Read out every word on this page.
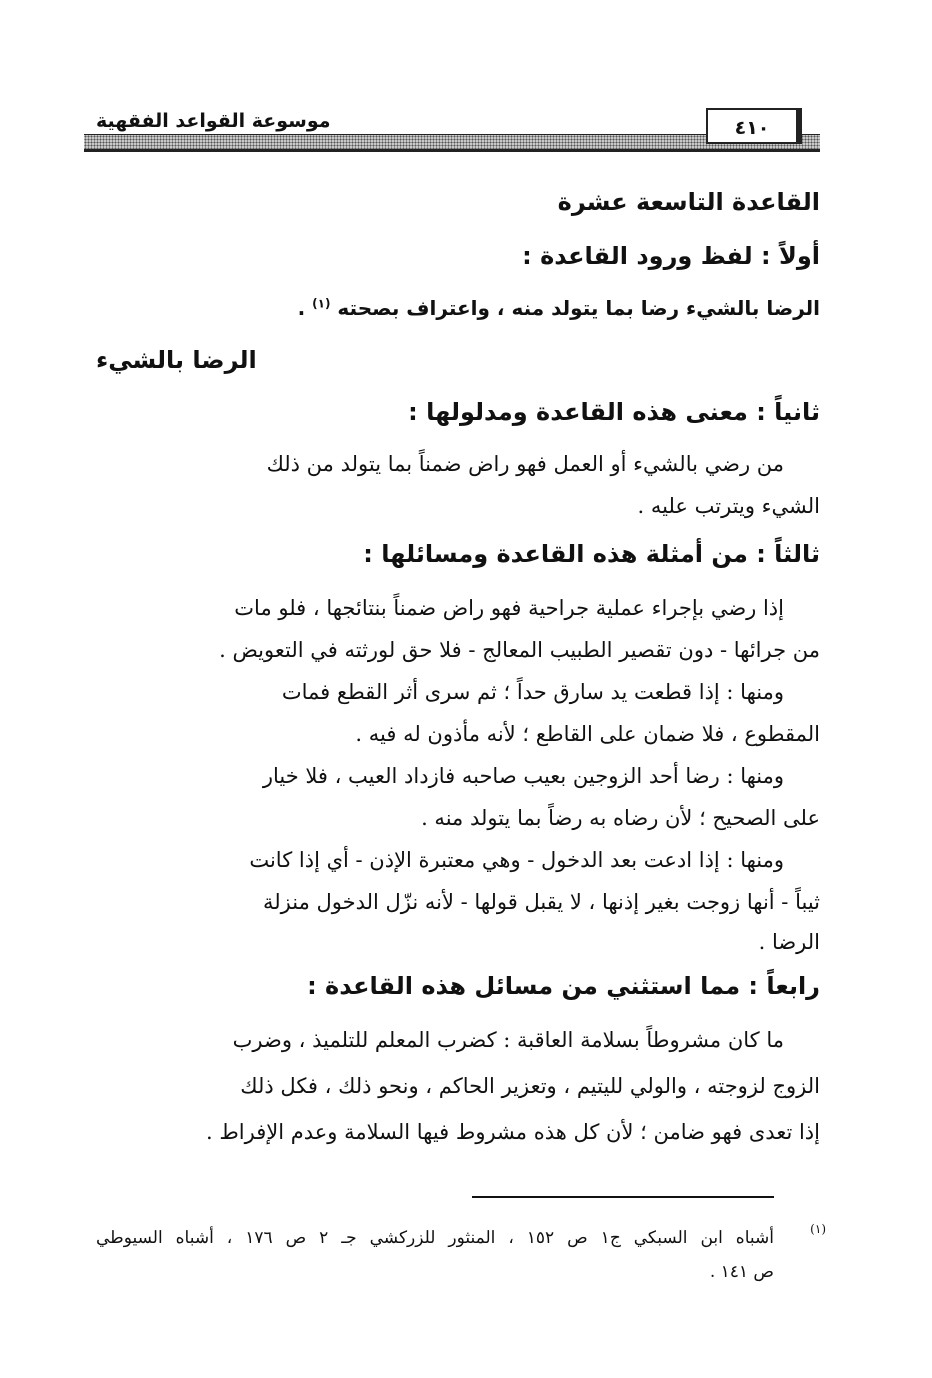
٤١٠
موسوعة القواعد الفقهية
القاعدة التاسعة عشرة
أولاً : لفظ ورود القاعدة :
الرضا بالشيء رضا بما يتولد منه ، واعتراف بصحته $^{(١)}$ .
الرضا بالشيء
ثانياً : معنى هذه القاعدة ومدلولها :
من رضي بالشيء أو العمل فهو راض ضمناً بما يتولد من ذلك
الشيء ويترتب عليه .
ثالثاً : من أمثلة هذه القاعدة ومسائلها :
إذا رضي بإجراء عملية جراحية فهو راض ضمناً بنتائجها ، فلو مات
من جرائها - دون تقصير الطبيب المعالج - فلا حق لورثته في التعويض .
ومنها : إذا قطعت يد سارق حداً ؛ ثم سرى أثر القطع فمات
المقطوع ، فلا ضمان على القاطع ؛ لأنه مأذون له فيه .
ومنها : رضا أحد الزوجين بعيب صاحبه فازداد العيب ، فلا خيار
على الصحيح ؛ لأن رضاه به رضاً بما يتولد منه .
ومنها : إذا ادعت بعد الدخول - وهي معتبرة الإذن - أي إذا كانت
ثيباً - أنها زوجت بغير إذنها ، لا يقبل قولها - لأنه نزّل الدخول منزلة
الرضا .
رابعاً : مما استثني من مسائل هذه القاعدة :
ما كان مشروطاً بسلامة العاقبة : كضرب المعلم للتلميذ ، وضرب
الزوج لزوجته ، والولي لليتيم ، وتعزير الحاكم ، ونحو ذلك ، فكل ذلك
إذا تعدى فهو ضامن ؛ لأن كل هذه مشروط فيها السلامة وعدم الإفراط .
(١)
أشباه ابن السبكي ج١ ص ١٥٢ ، المنثور للزركشي جـ ٢ ص ١٧٦ ، أشباه السيوطي
ص ١٤١ .
